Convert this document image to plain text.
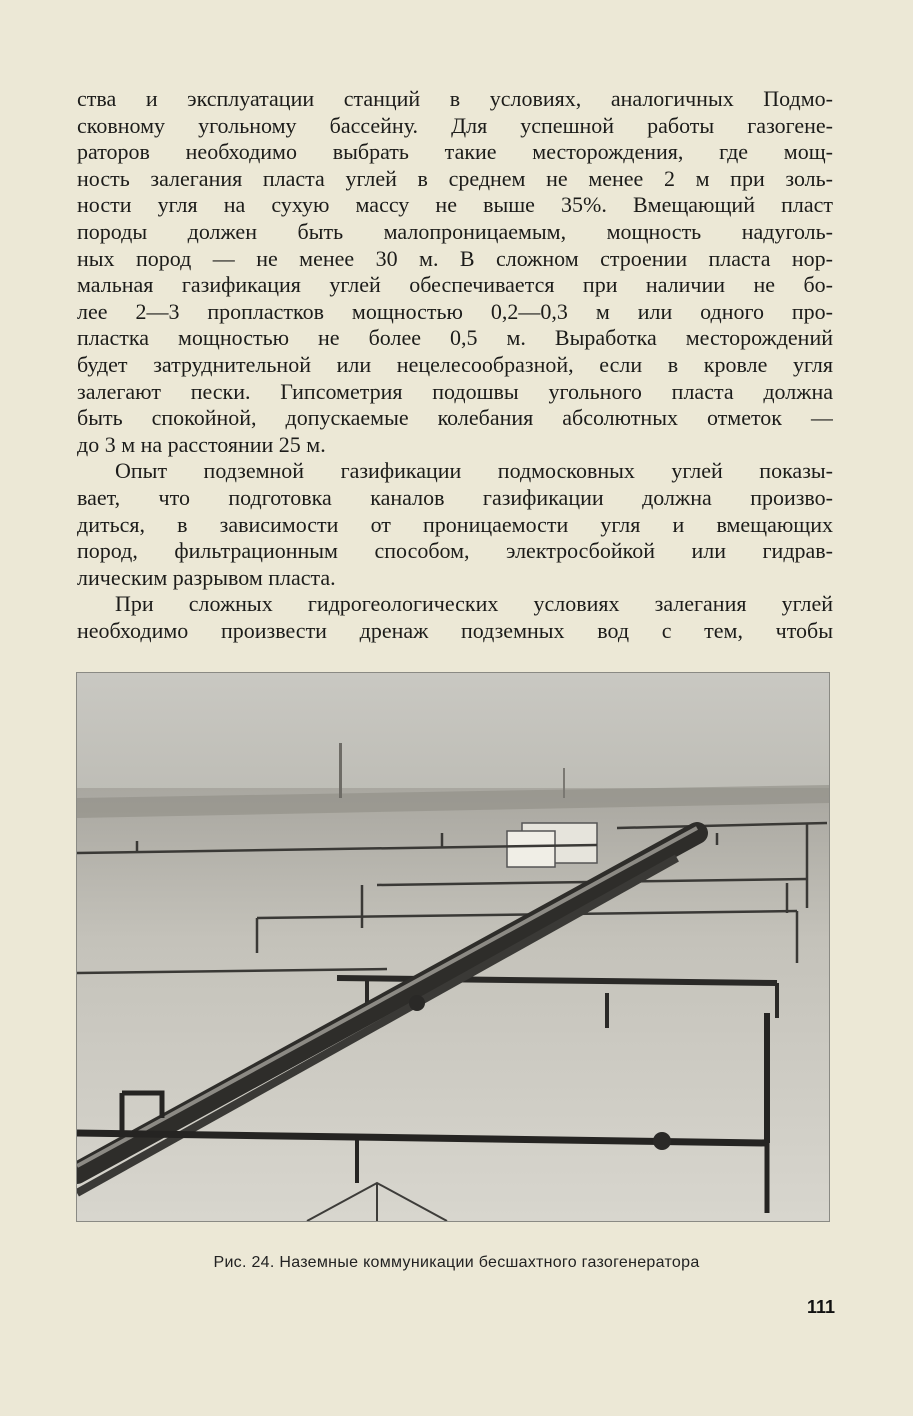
ства и эксплуатации станций в условиях, аналогичных Подмо-
сковному угольному бассейну. Для успешной работы газогене-
раторов необходимо выбрать такие месторождения, где мощ-
ность залегания пласта углей в среднем не менее 2 м при золь-
ности угля на сухую массу не выше 35%. Вмещающий пласт
породы должен быть малопроницаемым, мощность надуголь-
ных пород — не менее 30 м. В сложном строении пласта нор-
мальная газификация углей обеспечивается при наличии не бо-
лее 2—3 пропластков мощностью 0,2—0,3 м или одного про-
пластка мощностью не более 0,5 м. Выработка месторождений
будет затруднительной или нецелесообразной, если в кровле угля
залегают пески. Гипсометрия подошвы угольного пласта должна
быть спокойной, допускаемые колебания абсолютных отметок —
до 3 м на расстоянии 25 м.
Опыт подземной газификации подмосковных углей показы-
вает, что подготовка каналов газификации должна произво-
диться, в зависимости от проницаемости угля и вмещающих
пород, фильтрационным способом, электросбойкой или гидрав-
лическим разрывом пласта.
При сложных гидрогеологических условиях залегания углей
необходимо произвести дренаж подземных вод с тем, чтобы
Рис. 24. Наземные коммуникации бесшахтного газогенератора
111
